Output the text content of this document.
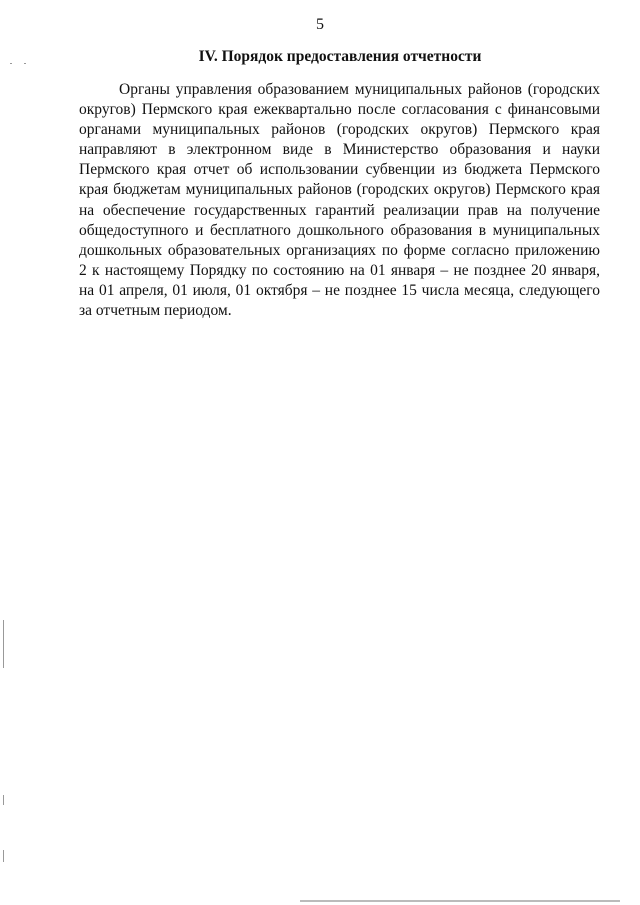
5
IV. Порядок предоставления отчетности

Органы управления образованием муниципальных районов (городских округов) Пермского края ежеквартально после согласования с финансовыми органами муниципальных районов (городских округов) Пермского края направляют в электронном виде в Министерство образования и науки Пермского края отчет об использовании субвенции из бюджета Пермского края бюджетам муниципальных районов (городских округов) Пермского края на обеспечение государственных гарантий реализации прав на получение общедоступного и бесплатного дошкольного образования в муниципальных дошкольных образовательных организациях по форме согласно приложению 2 к настоящему Порядку по состоянию на 01 января – не позднее 20 января, на 01 апреля, 01 июля, 01 октября – не позднее 15 числа месяца, следующего за отчетным периодом.
